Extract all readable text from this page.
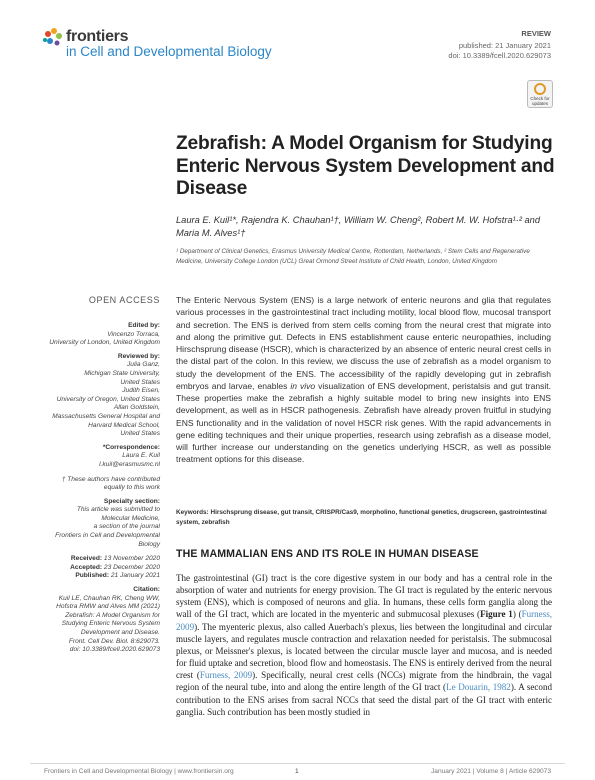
frontiers
in Cell and Developmental Biology
REVIEW
published: 21 January 2021
doi: 10.3389/fcell.2020.629073
Check for updates
Zebrafish: A Model Organism for Studying Enteric Nervous System Development and Disease
Laura E. Kuil¹*, Rajendra K. Chauhan¹†, William W. Cheng², Robert M. W. Hofstra¹·² and Maria M. Alves¹†
¹ Department of Clinical Genetics, Erasmus University Medical Centre, Rotterdam, Netherlands, ² Stem Cells and Regenerative Medicine, University College London (UCL) Great Ormond Street Institute of Child Health, London, United Kingdom
OPEN ACCESS
Edited by:
Vincenzo Torraca,
University of London, United Kingdom
Reviewed by:
Julia Ganz,
Michigan State University,
United States
Judith Eisen,
University of Oregon, United States
Allan Goldstein,
Massachusetts General Hospital and
Harvard Medical School,
United States
*Correspondence:
Laura E. Kuil
l.kuil@erasmusmc.nl
† These authors have contributed
equally to this work
Specialty section:
This article was submitted to
Molecular Medicine,
a section of the journal
Frontiers in Cell and Developmental
Biology
Received: 13 November 2020
Accepted: 23 December 2020
Published: 21 January 2021
Citation:
Kuil LE, Chauhan RK, Cheng WW,
Hofstra RMW and Alves MM (2021)
Zebrafish: A Model Organism for
Studying Enteric Nervous System
Development and Disease.
Front. Cell Dev. Biol. 8:629073.
doi: 10.3389/fcell.2020.629073
The Enteric Nervous System (ENS) is a large network of enteric neurons and glia that regulates various processes in the gastrointestinal tract including motility, local blood flow, mucosal transport and secretion. The ENS is derived from stem cells coming from the neural crest that migrate into and along the primitive gut. Defects in ENS establishment cause enteric neuropathies, including Hirschsprung disease (HSCR), which is characterized by an absence of enteric neural crest cells in the distal part of the colon. In this review, we discuss the use of zebrafish as a model organism to study the development of the ENS. The accessibility of the rapidly developing gut in zebrafish embryos and larvae, enables in vivo visualization of ENS development, peristalsis and gut transit. These properties make the zebrafish a highly suitable model to bring new insights into ENS development, as well as in HSCR pathogenesis. Zebrafish have already proven fruitful in studying ENS functionality and in the validation of novel HSCR risk genes. With the rapid advancements in gene editing techniques and their unique properties, research using zebrafish as a disease model, will further increase our understanding on the genetics underlying HSCR, as well as possible treatment options for this disease.
Keywords: Hirschsprung disease, gut transit, CRISPR/Cas9, morpholino, functional genetics, drugscreen, gastrointestinal system, zebrafish
THE MAMMALIAN ENS AND ITS ROLE IN HUMAN DISEASE
The gastrointestinal (GI) tract is the core digestive system in our body and has a central role in the absorption of water and nutrients for energy provision. The GI tract is regulated by the enteric nervous system (ENS), which is composed of neurons and glia. In humans, these cells form ganglia along the wall of the GI tract, which are located in the myenteric and submucosal plexuses (Figure 1) (Furness, 2009). The myenteric plexus, also called Auerbach's plexus, lies between the longitudinal and circular muscle layers, and regulates muscle contraction and relaxation needed for peristalsis. The submucosal plexus, or Meissner's plexus, is located between the circular muscle layer and mucosa, and is needed for fluid uptake and secretion, blood flow and homeostasis. The ENS is entirely derived from the neural crest (Furness, 2009). Specifically, neural crest cells (NCCs) migrate from the hindbrain, the vagal region of the neural tube, into and along the entire length of the GI tract (Le Douarin, 1982). A second contribution to the ENS arises from sacral NCCs that seed the distal part of the GI tract with enteric ganglia. Such contribution has been mostly studied in
Frontiers in Cell and Developmental Biology | www.frontiersin.org	1	January 2021 | Volume 8 | Article 629073
